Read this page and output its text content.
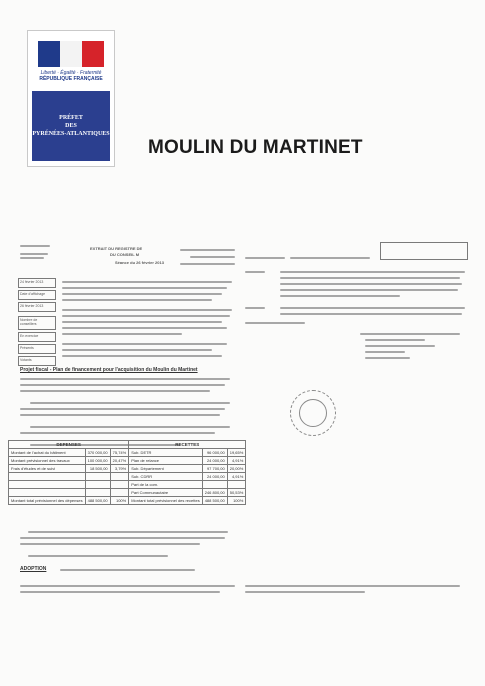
Liberté · Égalité · Fraternité
RÉPUBLIQUE FRANÇAISE
PRÉFET
DES
PYRÉNÉES-ATLANTIQUES
MOULIN DU MARTINET
EXTRAIT DU REGISTRE DE
DU CONSEIL M
Séance du 26 février 2013
24 février 2013
Date d'affichage
26 février 2013
Nombre de conseillers
En exercice
Présents
Votants
Projet fiscal - Plan de financement pour l'acquisition du Moulin du Martinet
DEPENSES			RECETTES		
Montant de l'achat du bâtiment	370 000,00	75,74%	Sub. DETR	96 000,00	19,65%
Montant prévisionnel des travaux	100 000,00	20,47%	Plan de relance	24 000,00	4,91%
Frais d'études et de suivi	18 500,00	3,79%	Sub. Département	97 700,00	20,00%
			Sub. CDRR	24 000,00	4,91%
			Part de la com.		
			Part Communautaire	246 800,00	50,53%
Montant total prévisionnel des dépenses	488 500,00	100%	Montant total prévisionnel des recettes	488 500,00	100%
ADOPTION
